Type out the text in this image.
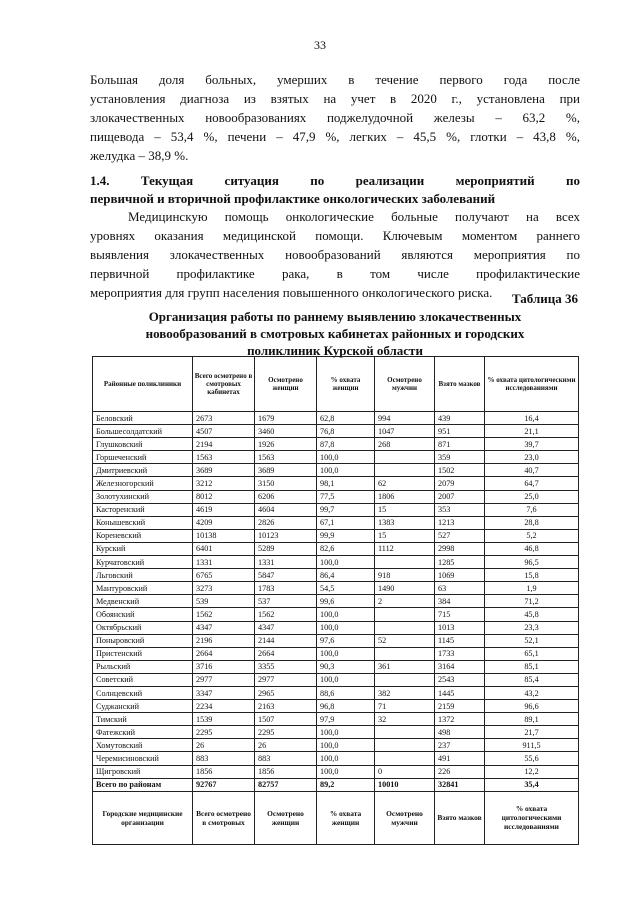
33
Большая доля больных, умерших в течение первого года после
установления диагноза из взятых на учет в 2020 г., установлена при
злокачественных новообразованиях поджелудочной железы – 63,2 %,
пищевода – 53,4 %, печени – 47,9 %, легких – 45,5 %, глотки – 43,8 %,
желудка – 38,9 %.
1.4. Текущая ситуация по реализации мероприятий по
первичной и вторичной профилактике онкологических заболеваний
Медицинскую помощь онкологические больные получают на всех
уровнях оказания медицинской помощи. Ключевым моментом раннего
выявления злокачественных новообразований являются мероприятия по
первичной профилактике рака, в том числе профилактические
мероприятия для групп населения повышенного онкологического риска.	Таблица 36
Организация работы по раннему выявлению злокачественных
новообразований в смотровых кабинетах районных и городских
поликлиник Курской области
Районные поликлиники	Всего осмотрено в смотровых кабинетах	Осмотрено женщин	% охвата женщин	Осмотрено мужчин	Взято мазков	% охвата цитологическими исследованиями
Беловский	2673	1679	62,8	994	439	16,4
Большесолдатский	4507	3460	76,8	1047	951	21,1
Глушковский	2194	1926	87,8	268	871	39,7
Горшеченский	1563	1563	100,0		359	23,0
Дмитриевский	3689	3689	100,0		1502	40,7
Железногорский	3212	3150	98,1	62	2079	64,7
Золотухинский	8012	6206	77,5	1806	2007	25,0
Касторенский	4619	4604	99,7	15	353	7,6
Конышевский	4209	2826	67,1	1383	1213	28,8
Кореневский	10138	10123	99,9	15	527	5,2
Курский	6401	5289	82,6	1112	2998	46,8
Курчатовский	1331	1331	100,0		1285	96,5
Льговский	6765	5847	86,4	918	1069	15,8
Мантуровский	3273	1783	54,5	1490	63	1,9
Медвенский	539	537	99,6	2	384	71,2
Обоянский	1562	1562	100,0		715	45,8
Октябрьский	4347	4347	100,0		1013	23,3
Поныровский	2196	2144	97,6	52	1145	52,1
Пристенский	2664	2664	100,0		1733	65,1
Рыльский	3716	3355	90,3	361	3164	85,1
Советский	2977	2977	100,0		2543	85,4
Солнцевский	3347	2965	88,6	382	1445	43,2
Суджанский	2234	2163	96,8	71	2159	96,6
Тимский	1539	1507	97,9	32	1372	89,1
Фатежский	2295	2295	100,0		498	21,7
Хомутовский	26	26	100,0		237	911,5
Черемисиновский	883	883	100,0		491	55,6
Щигровский	1856	1856	100,0	0	226	12,2
Всего по районам	92767	82757	89,2	10010	32841	35,4
Городские медицинские организации	Всего осмотрено в смотровых	Осмотрено женщин	% охвата женщин	Осмотрено мужчин	Взято мазков	% охвата цитологическими исследованиями
